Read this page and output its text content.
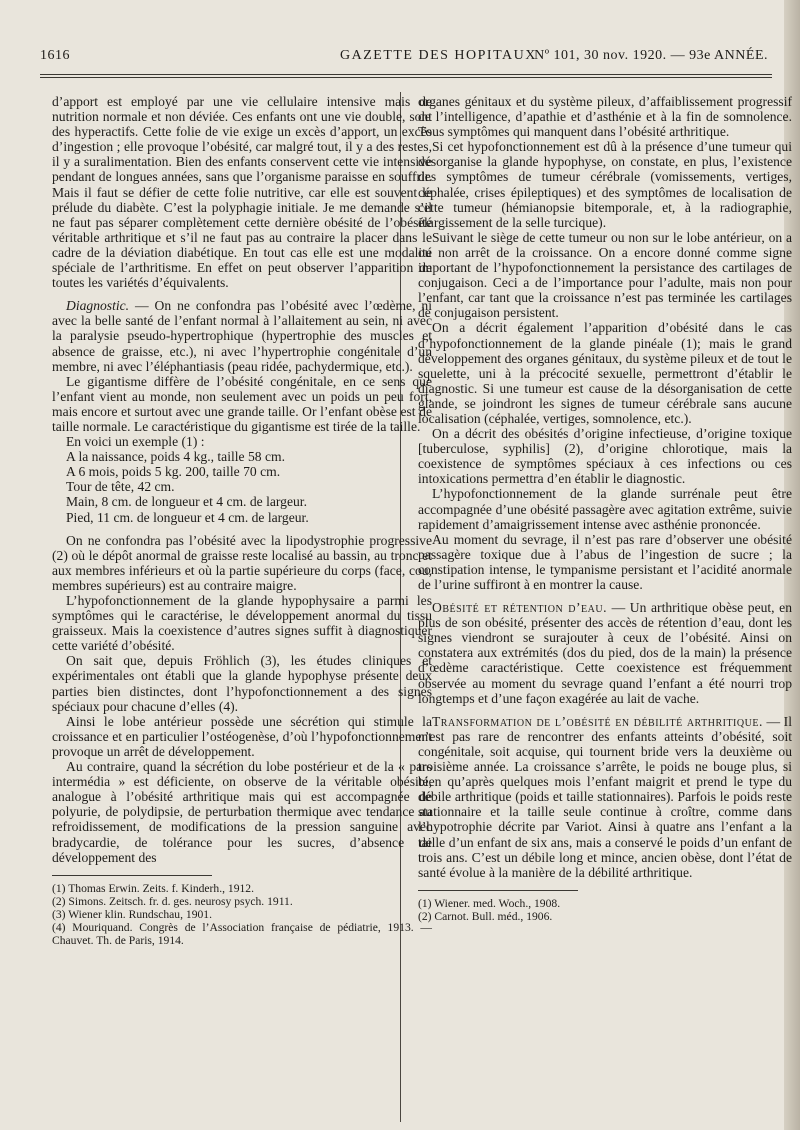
1616	GAZETTE DES HOPITAUX
Nº 101, 30 nov. 1920. — 93e ANNÉE.

d’apport est employé par une vie cellulaire intensive mais de nutrition normale et non déviée. Ces enfants ont une vie double, sont des hyperactifs. Cette folie de vie exige un excès d’apport, un excès d’ingestion ; elle provoque l’obésité, car malgré tout, il y a des restes, il y a suralimentation. Bien des enfants conservent cette vie intensive pendant de longues années, sans que l’organisme paraisse en souffrir. Mais il faut se défier de cette folie nutritive, car elle est souvent le prélude du diabète. C’est la polyphagie initiale. Je me demande s’il ne faut pas séparer complètement cette dernière obésité de l’obésité véritable arthritique et s’il ne faut pas au contraire la placer dans le cadre de la déviation diabétique. En tout cas elle est une modalité spéciale de l’arthritisme. En effet on peut observer l’apparition de toutes les variétés d’équivalents.

Diagnostic. — On ne confondra pas l’obésité avec l’œdème, ni avec la belle santé de l’enfant normal à l’allaitement au sein, ni avec la paralysie pseudo-hypertrophique (hypertrophie des muscles et absence de graisse, etc.), ni avec l’hypertrophie congénitale d’un membre, ni avec l’éléphantiasis (peau ridée, pachydermique, etc.).

Le gigantisme diffère de l’obésité congénitale, en ce sens que l’enfant vient au monde, non seulement avec un poids un peu fort, mais encore et surtout avec une grande taille. Or l’enfant obèse est de taille normale. Le caractéristique du gigantisme est tirée de la taille.

En voici un exemple (1) :

A la naissance, poids 4 kg., taille 58 cm.

A 6 mois, poids 5 kg. 200, taille 70 cm.

Tour de tête, 42 cm.

Main, 8 cm. de longueur et 4 cm. de largeur.

Pied, 11 cm. de longueur et 4 cm. de largeur.

On ne confondra pas l’obésité avec la lipodystrophie progressive (2) où le dépôt anormal de graisse reste localisé au bassin, au tronc et aux membres inférieurs et où la partie supérieure du corps (face, cou, membres supérieurs) est au contraire maigre.

L’hypofonctionnement de la glande hypophysaire a parmi les symptômes qui le caractérise, le développement anormal du tissu graisseux. Mais la coexistence d’autres signes suffit à diagnostiquer cette variété d’obésité.

On sait que, depuis Fröhlich (3), les études cliniques et expérimentales ont établi que la glande hypophyse présente deux parties bien distinctes, dont l’hypofonctionnement a des signes spéciaux pour chacune d’elles (4).

Ainsi le lobe antérieur possède une sécrétion qui stimule la croissance et en particulier l’ostéogenèse, d’où l’hypofonctionnement provoque un arrêt de développement.

Au contraire, quand la sécrétion du lobe postérieur et de la « pars intermédia » est déficiente, on observe de la véritable obésité, analogue à l’obésité arthritique mais qui est accompagnée de polyurie, de polydipsie, de perturbation thermique avec tendance au refroidissement, de modifications de la pression sanguine avec bradycardie, de tolérance pour les sucres, d’absence de développement des

(1) Thomas Erwin. Zeits. f. Kinderh., 1912.

(2) Simons. Zeitsch. fr. d. ges. neurosy psych. 1911.

(3) Wiener klin. Rundschau, 1901.

(4) Mouriquand. Congrès de l’Association française de pédiatrie, 1913. — Chauvet. Th. de Paris, 1914.

organes génitaux et du système pileux, d’affaiblissement progressif de l’intelligence, d’apathie et d’asthénie et à la fin de somnolence. Tous symptômes qui manquent dans l’obésité arthritique.

Si cet hypofonctionnement est dû à la présence d’une tumeur qui désorganise la glande hypophyse, on constate, en plus, l’existence des symptômes de tumeur cérébrale (vomissements, vertiges, céphalée, crises épileptiques) et des symptômes de localisation de cette tumeur (hémianopsie bitemporale, et, à la radiographie, élargissement de la selle turcique).

Suivant le siège de cette tumeur ou non sur le lobe antérieur, on a ou non arrêt de la croissance. On a encore donné comme signe important de l’hypofonctionnement la persistance des cartilages de conjugaison. Ceci a de l’importance pour l’adulte, mais non pour l’enfant, car tant que la croissance n’est pas terminée les cartilages de conjugaison persistent.

On a décrit également l’apparition d’obésité dans le cas d’hypofonctionnement de la glande pinéale (1); mais le grand développement des organes génitaux, du système pileux et de tout le squelette, uni à la précocité sexuelle, permettront d’établir le diagnostic. Si une tumeur est cause de la désorganisation de cette glande, se joindront les signes de tumeur cérébrale sans aucune localisation (céphalée, vertiges, somnolence, etc.).

On a décrit des obésités d’origine infectieuse, d’origine toxique [tuberculose, syphilis] (2), d’origine chlorotique, mais la coexistence de symptômes spéciaux à ces infections ou ces intoxications permettra d’en établir le diagnostic.

L’hypofonctionnement de la glande surrénale peut être accompagnée d’une obésité passagère avec agitation extrême, suivie rapidement d’amaigrissement intense avec asthénie prononcée.

Au moment du sevrage, il n’est pas rare d’observer une obésité passagère toxique due à l’abus de l’ingestion de sucre ; la constipation intense, le tympanisme persistant et l’acidité anormale de l’urine suffiront à en montrer la cause.

Obésité et rétention d’eau. — Un arthritique obèse peut, en plus de son obésité, présenter des accès de rétention d’eau, dont les signes viendront se surajouter à ceux de l’obésité. Ainsi on constatera aux extrémités (dos du pied, dos de la main) la présence d’œdème caractéristique. Cette coexistence est fréquemment observée au moment du sevrage quand l’enfant a été nourri trop longtemps et d’une façon exagérée au lait de vache.

Transformation de l’obésité en débilité arthritique. — Il n’est pas rare de rencontrer des enfants atteints d’obésité, soit congénitale, soit acquise, qui tournent bride vers la deuxième ou troisième année. La croissance s’arrête, le poids ne bouge plus, si bien qu’après quelques mois l’enfant maigrit et prend le type du débile arthritique (poids et taille stationnaires). Parfois le poids reste stationnaire et la taille seule continue à croître, comme dans l’hypotrophie décrite par Variot. Ainsi à quatre ans l’enfant a la taille d’un enfant de six ans, mais a conservé le poids d’un enfant de trois ans. C’est un débile long et mince, ancien obèse, dont l’état de santé évolue à la manière de la débilité arthritique.

(1) Wiener. med. Woch., 1908.

(2) Carnot. Bull. méd., 1906.
